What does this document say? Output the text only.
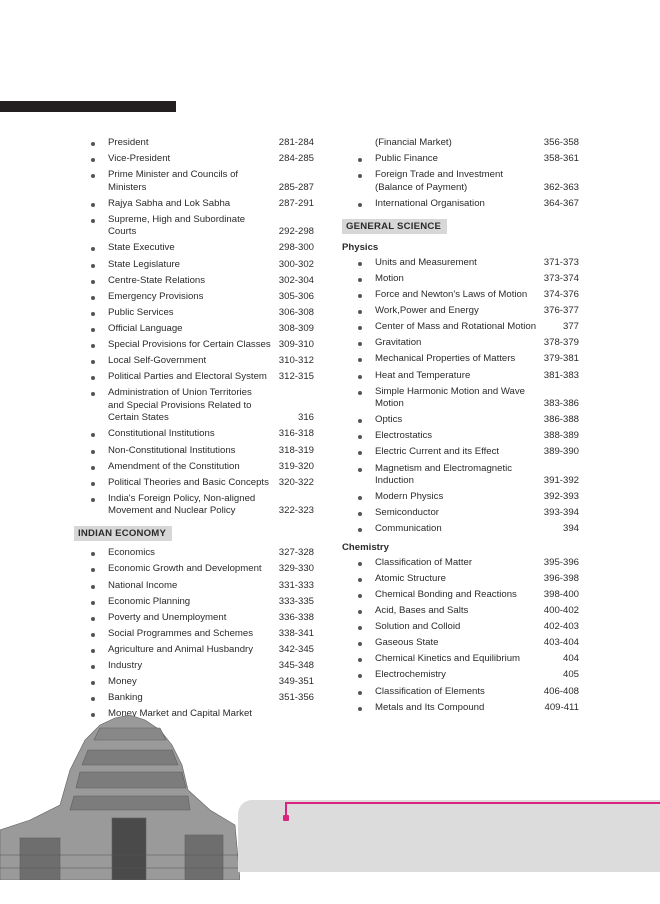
President	281-284
Vice-President	284-285
Prime Minister and Councils of
Ministers	285-287
Rajya Sabha and Lok Sabha	287-291
Supreme, High and Subordinate
Courts	292-298
State Executive	298-300
State Legislature	300-302
Centre-State Relations	302-304
Emergency Provisions	305-306
Public Services	306-308
Official Language	308-309
Special Provisions for Certain Classes 309-310
Local Self-Government	310-312
Political Parties and Electoral System	312-315
Administration of Union Territories
and Special Provisions Related to
Certain States	316
Constitutional Institutions	316-318
Non-Constitutional Institutions	318-319
Amendment of the Constitution	319-320
Political Theories and Basic Concepts	320-322
India's Foreign Policy, Non-aligned
Movement and Nuclear Policy	322-323
INDIAN ECONOMY
Economics	327-328
Economic Growth and Development	329-330
National Income	331-333
Economic Planning	333-335
Poverty and Unemployment	336-338
Social Programmes and Schemes	338-341
Agriculture and Animal Husbandry	342-345
Industry	345-348
Money	349-351
Banking	351-356
Money Market and Capital Market
(Financial Market)	356-358
Public Finance	358-361
Foreign Trade and Investment
(Balance of Payment)	362-363
International Organisation	364-367
GENERAL SCIENCE
Physics
Units and Measurement	371-373
Motion	373-374
Force and Newton's Laws of Motion	374-376
Work,Power and Energy	376-377
Center of Mass and Rotational Motion	377
Gravitation	378-379
Mechanical Properties of Matters	379-381
Heat and Temperature	381-383
Simple Harmonic Motion and Wave
Motion	383-386
Optics	386-388
Electrostatics	388-389
Electric Current and its Effect	389-390
Magnetism and Electromagnetic
Induction	391-392
Modern Physics	392-393
Semiconductor	393-394
Communication	394
Chemistry
Classification of Matter	395-396
Atomic Structure	396-398
Chemical Bonding and Reactions	398-400
Acid, Bases and Salts	400-402
Solution and Colloid	402-403
Gaseous State	403-404
Chemical Kinetics and Equilibrium	404
Electrochemistry	405
Classification of Elements	406-408
Metals and Its Compound	409-411
